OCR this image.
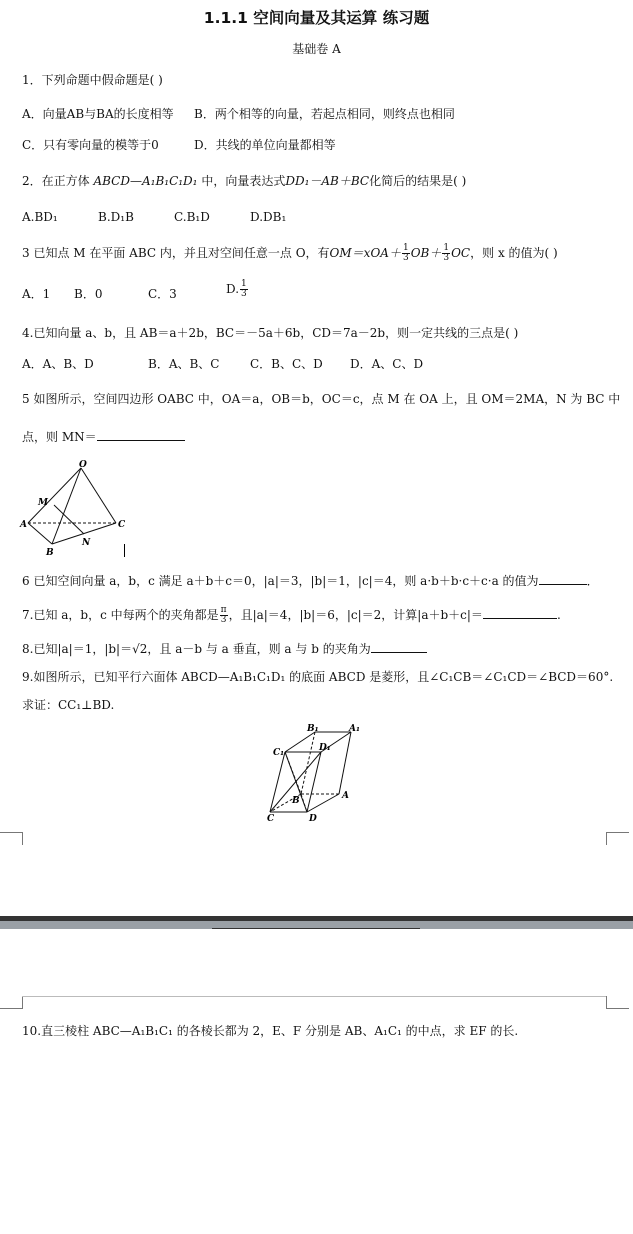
1.1.1 空间向量及其运算 练习题
基础卷 A
1．下列命题中假命题是( )
A．向量AB与BA的长度相等 B．两个相等的向量，若起点相同，则终点也相同
C．只有零向量的模等于0	D．共线的单位向量都相等
2．在正方体 ABCD—A₁B₁C₁D₁ 中，向量表达式DD₁－AB＋BC化简后的结果是( )
A.BD₁	B.D₁B	C.B₁D	D.DB₁
3 已知点 M 在平面 ABC 内，并且对空间任意一点 O，有$OM=xOA+ \frac{1}{3} OB+ \frac{1}{3}$ OC，则 x 的值为( )
A．1 B．0	C．3	D. $\frac{1}{3}$
4.已知向量 a、b，且 AB＝a＋2b，BC＝－5a＋6b，CD＝7a－2b，则一定共线的三点是( )
A．A、B、D	B．A、B、C	C．B、C、D D．A、C、D
5 如图所示，空间四边形 OABC 中，OA＝a，OB＝b，OC＝c，点 M 在 OA 上，且 OM＝2MA，N 为 BC 中
点，则 MN＝
O
M
A	C
B
N
6 已知空间向量 a，b，c 满足 a＋b＋c＝0，|a|＝3，|b|＝1，|c|＝4，则 a·b＋b·c＋c·a 的值为	．
7.已知 a，b，c 中每两个的夹角都是 $\frac{\pi}{3}$ ，且|a|＝4，|b|＝6，|c|＝2，计算|a＋b＋c|＝	.
8.已知|a|＝1，|b|＝√2，且 a－b 与 a 垂直，则 a 与 b 的夹角为
9.如图所示，已知平行六面体 ABCD—A₁B₁C₁D₁ 的底面 ABCD 是菱形，且∠C₁CB＝∠C₁CD＝∠BCD＝60°.
求证：CC₁⊥BD.
B₁	A₁
C₁	D₁
B	A
C	D
10.直三棱柱 ABC—A₁B₁C₁ 的各棱长都为 2，E、F 分别是 AB、A₁C₁ 的中点，求 EF 的长.
